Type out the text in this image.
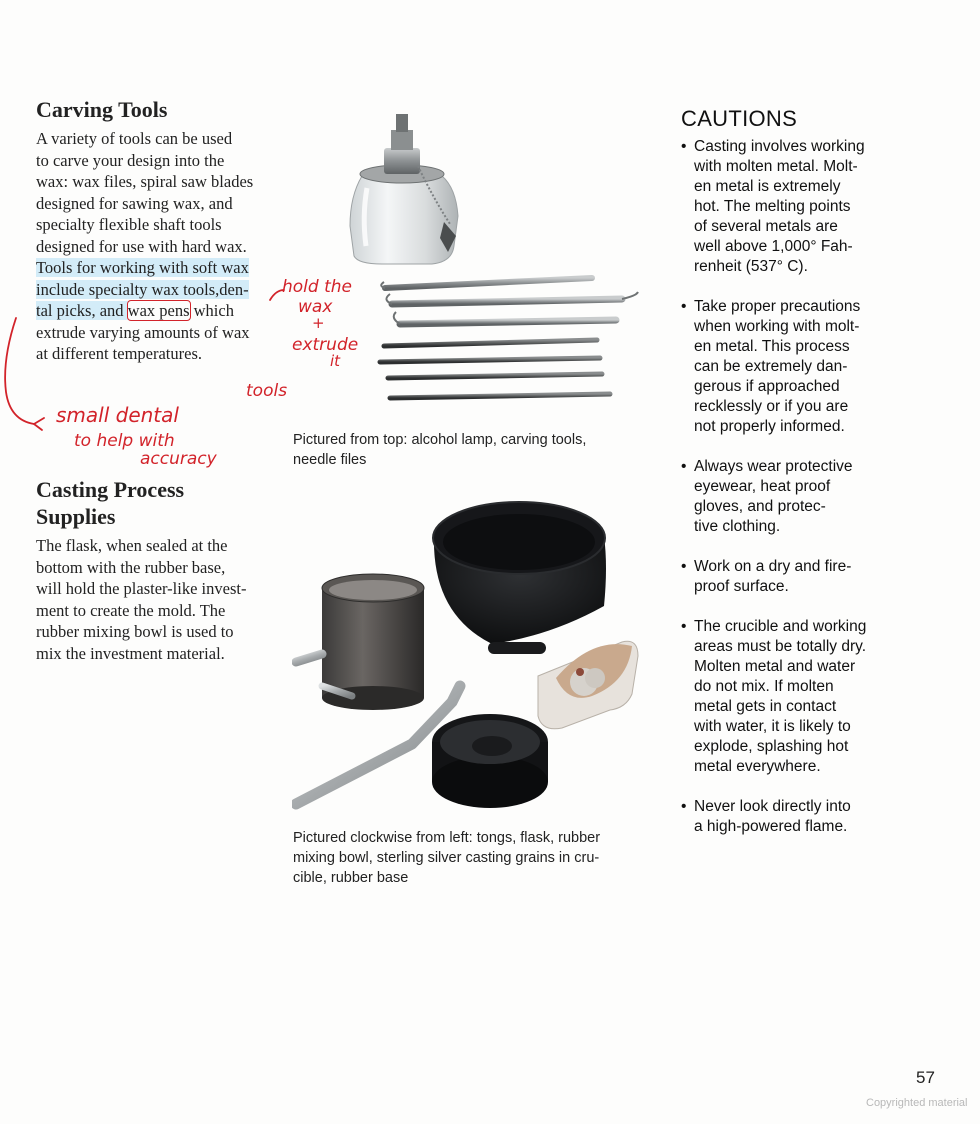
Carving Tools
A variety of tools can be used
to carve your design into the
wax: wax files, spiral saw blades
designed for sawing wax, and
specialty flexible shaft tools
designed for use with hard wax.
Tools for working with soft wax
include specialty wax tools,den-
tal picks, and wax pens which
extrude varying amounts of wax
at different temperatures.
Casting Process
Supplies
The flask, when sealed at the
bottom with the rubber base,
will hold the plaster-like invest-
ment to create the mold. The
rubber mixing bowl is used to
mix the investment material.
Pictured from top: alcohol lamp, carving tools,
needle files
Pictured clockwise from left: tongs, flask, rubber
mixing bowl, sterling silver casting grains in cru-
cible, rubber base
CAUTIONS
• Casting involves working
with molten metal. Molt-
en metal is extremely
hot. The melting points
of several metals are
well above 1,000° Fah-
renheit (537° C).
• Take proper precautions
when working with molt-
en metal. This process
can be extremely dan-
gerous if approached
recklessly or if you are
not properly informed.
• Always wear protective
eyewear, heat proof
gloves, and protec-
tive clothing.
• Work on a dry and fire-
proof surface.
• The crucible and working
areas must be totally dry.
Molten metal and water
do not mix. If molten
metal gets in contact
with water, it is likely to
explode, splashing hot
metal everywhere.
• Never look directly into
a high-powered flame.
57
Copyrighted material
hold the
wax
+
extrude
it
small dental
tools
to help with
accuracy
